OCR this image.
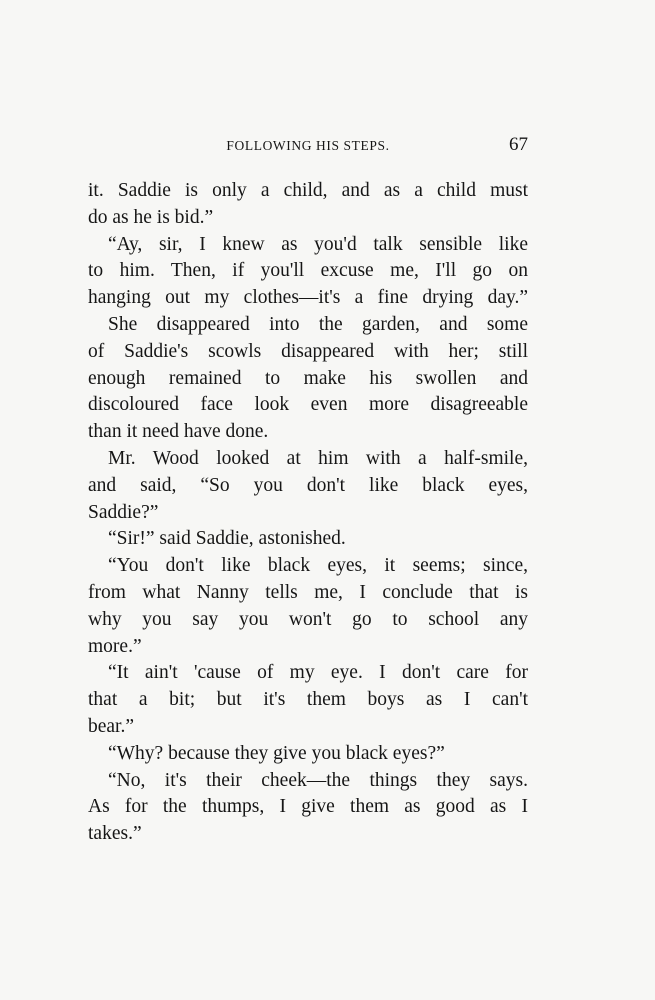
FOLLOWING HIS STEPS.	67
it. Saddie is only a child, and as a child must
do as he is bid.”
“Ay, sir, I knew as you'd talk sensible like
to him. Then, if you'll excuse me, I'll go on
hanging out my clothes—it's a fine drying day.”
She disappeared into the garden, and some
of Saddie's scowls disappeared with her; still
enough remained to make his swollen and
discoloured face look even more disagreeable
than it need have done.
Mr. Wood looked at him with a half-smile,
and said, “So you don't like black eyes,
Saddie?”
“Sir!” said Saddie, astonished.
“You don't like black eyes, it seems; since,
from what Nanny tells me, I conclude that is
why you say you won't go to school any
more.”
“It ain't 'cause of my eye. I don't care for
that a bit; but it's them boys as I can't
bear.”
“Why? because they give you black eyes?”
“No, it's their cheek—the things they says.
As for the thumps, I give them as good as I
takes.”
